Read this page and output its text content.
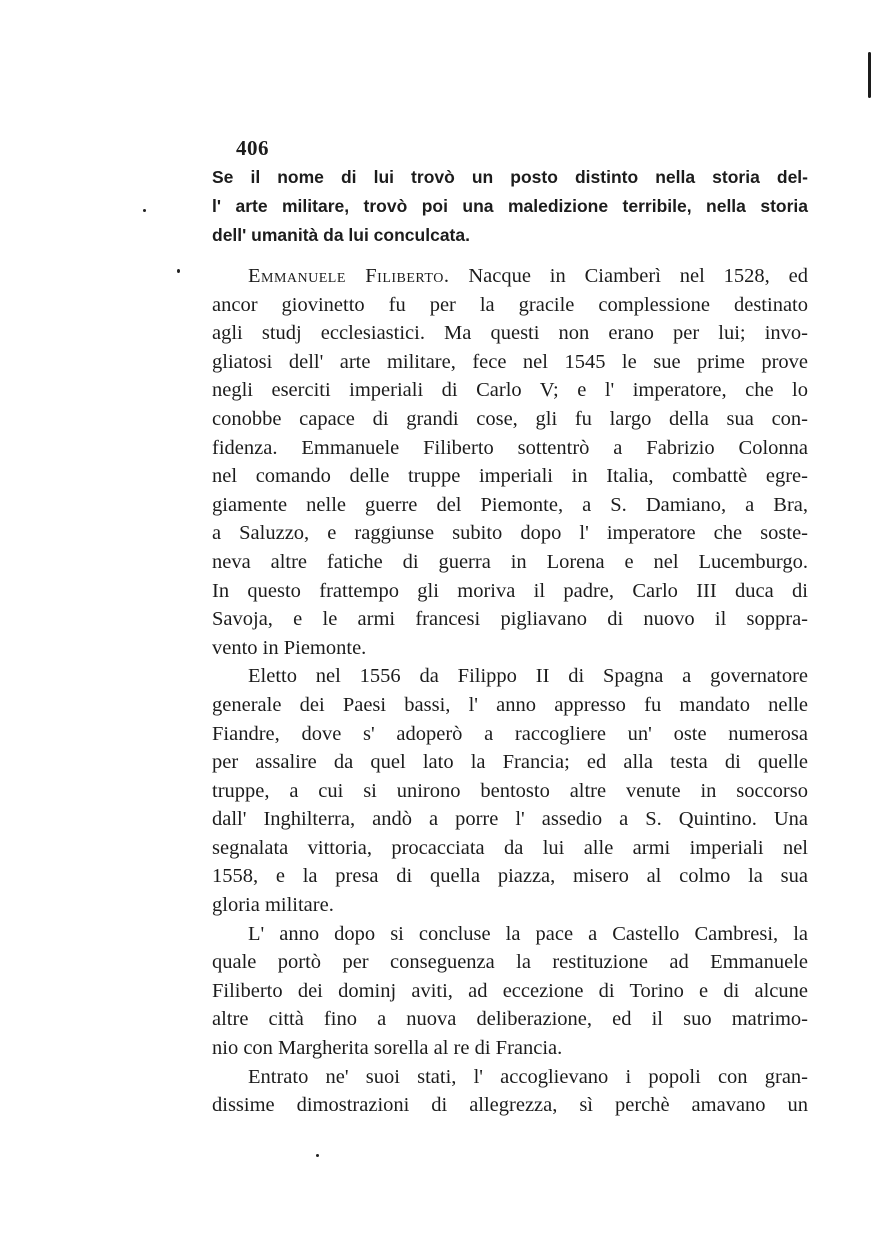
406
Se il nome di lui trovò un posto distinto nella storia del-
l' arte militare, trovò poi una maledizione terribile, nella storia
dell' umanità da lui conculcata.
Emmanuele Filiberto. Nacque in Ciamberì nel 1528, ed
ancor giovinetto fu per la gracile complessione destinato
agli studj ecclesiastici. Ma questi non erano per lui; invo-
gliatosi dell' arte militare, fece nel 1545 le sue prime prove
negli eserciti imperiali di Carlo V; e l' imperatore, che lo
conobbe capace di grandi cose, gli fu largo della sua con-
fidenza. Emmanuele Filiberto sottentrò a Fabrizio Colonna
nel comando delle truppe imperiali in Italia, combattè egre-
giamente nelle guerre del Piemonte, a S. Damiano, a Bra,
a Saluzzo, e raggiunse subito dopo l' imperatore che soste-
neva altre fatiche di guerra in Lorena e nel Lucemburgo.
In questo frattempo gli moriva il padre, Carlo III duca di
Savoja, e le armi francesi pigliavano di nuovo il soppra-
vento in Piemonte.
Eletto nel 1556 da Filippo II di Spagna a governatore
generale dei Paesi bassi, l' anno appresso fu mandato nelle
Fiandre, dove s' adoperò a raccogliere un' oste numerosa
per assalire da quel lato la Francia; ed alla testa di quelle
truppe, a cui si unirono bentosto altre venute in soccorso
dall' Inghilterra, andò a porre l' assedio a S. Quintino. Una
segnalata vittoria, procacciata da lui alle armi imperiali nel
1558, e la presa di quella piazza, misero al colmo la sua
gloria militare.
L' anno dopo si concluse la pace a Castello Cambresi, la
quale portò per conseguenza la restituzione ad Emmanuele
Filiberto dei dominj aviti, ad eccezione di Torino e di alcune
altre città fino a nuova deliberazione, ed il suo matrimo-
nio con Margherita sorella al re di Francia.
Entrato ne' suoi stati, l' accoglievano i popoli con gran-
dissime dimostrazioni di allegrezza, sì perchè amavano un
